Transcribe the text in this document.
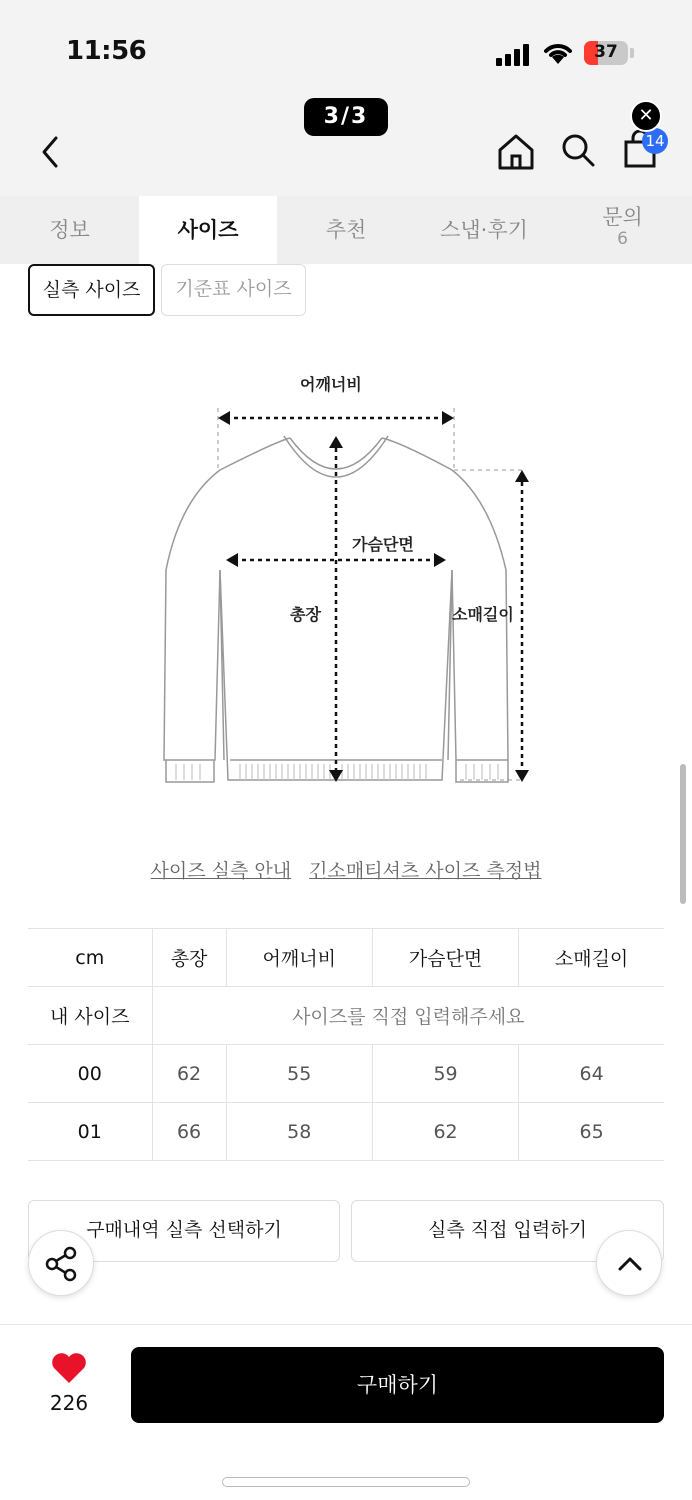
11:56	37
3/3
14
✕
정보	사이즈	추천	스냅·후기
문의
6
실측 사이즈	기준표 사이즈
어깨너비
가슴단면
총장	소매길이
사이즈 실측 안내 긴소매티셔츠 사이즈 측정법
cm	총장	어깨너비	가슴단면	소매길이
내 사이즈	사이즈를 직접 입력해주세요			
00	62	55	59	64
01	66	58	62	65
구매내역 실측 선택하기	실측 직접 입력하기
226
구매하기
